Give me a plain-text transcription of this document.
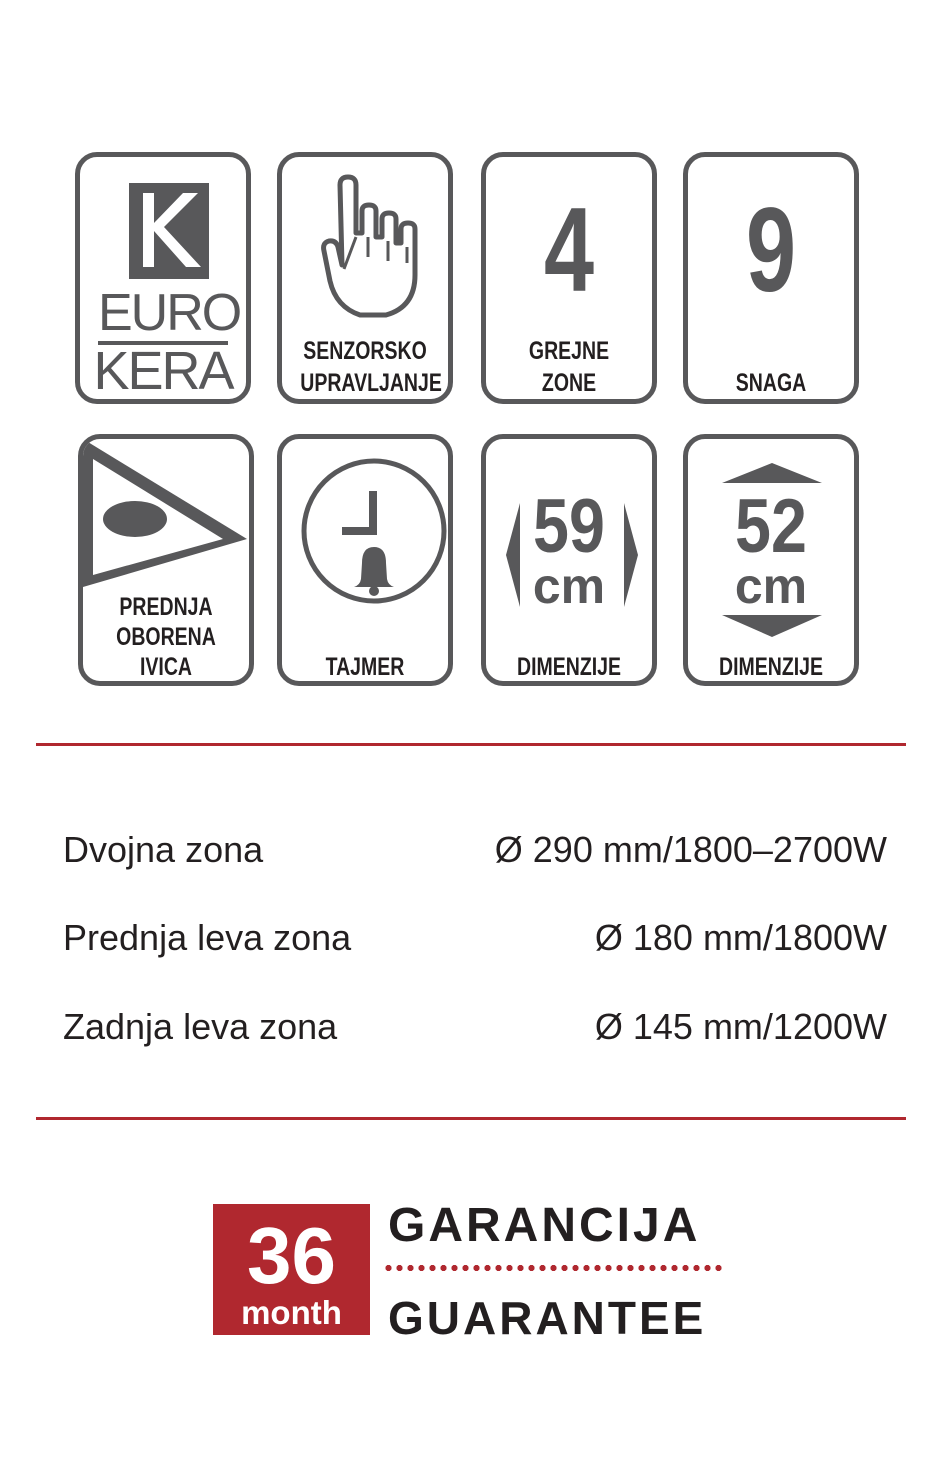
EURO
KERA	SENZORSKO
UPRAVLJANJE
4
GREJNE
ZONE
9
SNAGA
PREDNJA
OBORENA
IVICA	TAJMER
59
cm
DIMENZIJE
52
cm
DIMENZIJE
Dvojna zona	Ø 290 mm/1800–2700W
Prednja leva zona	Ø 180 mm/1800W
Zadnja leva zona	Ø 145 mm/1200W
36
month
GARANCIJA
GUARANTEE
